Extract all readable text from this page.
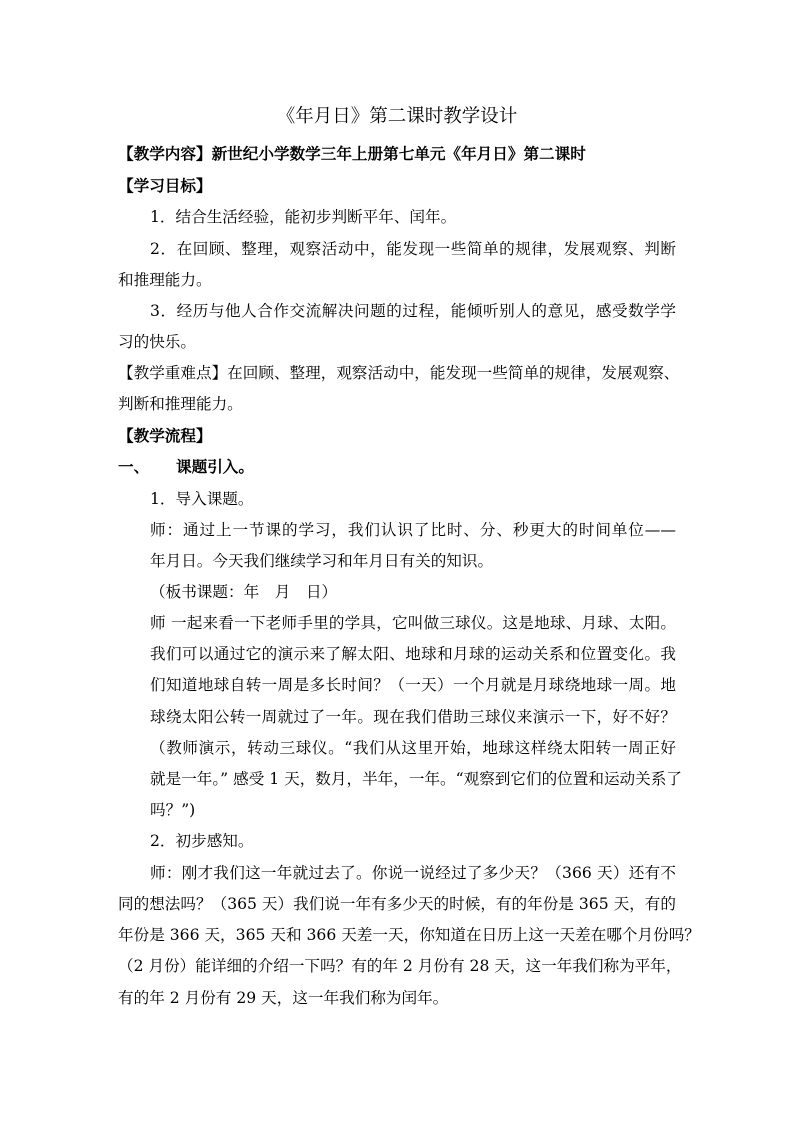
《年月日》第二课时教学设计
【教学内容】新世纪小学数学三年上册第七单元《年月日》第二课时
【学习目标】
1．结合生活经验，能初步判断平年、闰年。
2．在回顾、整理，观察活动中，能发现一些简单的规律，发展观察、判断
和推理能力。
3．经历与他人合作交流解决问题的过程，能倾听别人的意见，感受数学学
习的快乐。
【教学重难点】在回顾、整理，观察活动中，能发现一些简单的规律，发展观察、
判断和推理能力。
【教学流程】
一、 课题引入。
1．导入课题。
师：通过上一节课的学习，我们认识了比时、分、秒更大的时间单位——
年月日。今天我们继续学习和年月日有关的知识。
（板书课题：年　月　日）
师 一起来看一下老师手里的学具，它叫做三球仪。这是地球、月球、太阳。
我们可以通过它的演示来了解太阳、地球和月球的运动关系和位置变化。我
们知道地球自转一周是多长时间？（一天）一个月就是月球绕地球一周。地
球绕太阳公转一周就过了一年。现在我们借助三球仪来演示一下，好不好？
（教师演示，转动三球仪。“我们从这里开始，地球这样绕太阳转一周正好
就是一年。” 感受 1 天，数月，半年，一年。“观察到它们的位置和运动关系了
吗？”)
2．初步感知。
师：刚才我们这一年就过去了。你说一说经过了多少天？（366 天）还有不
同的想法吗？（365 天）我们说一年有多少天的时候，有的年份是 365 天，有的
年份是 366 天，365 天和 366 天差一天，你知道在日历上这一天差在哪个月份吗？
（2 月份）能详细的介绍一下吗？有的年 2 月份有 28 天，这一年我们称为平年，
有的年 2 月份有 29 天，这一年我们称为闰年。
